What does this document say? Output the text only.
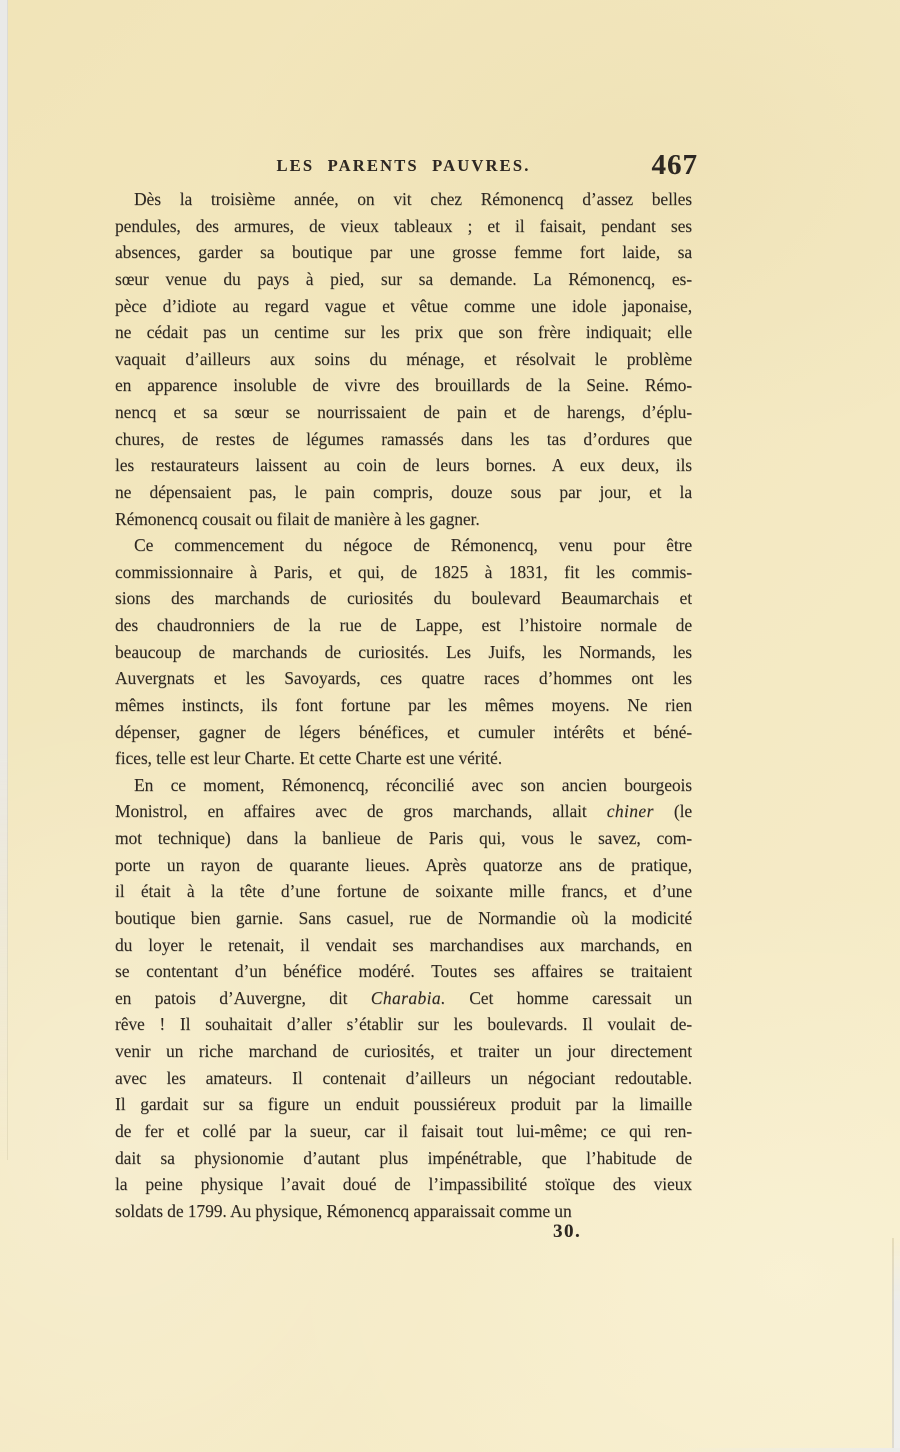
LES PARENTS PAUVRES.	467
Dès la troisième année, on vit chez Rémonencq d’assez belles
pendules, des armures, de vieux tableaux ; et il faisait, pendant ses
absences, garder sa boutique par une grosse femme fort laide, sa
sœur venue du pays à pied, sur sa demande. La Rémonencq, es-
pèce d’idiote au regard vague et vêtue comme une idole japonaise,
ne cédait pas un centime sur les prix que son frère indiquait; elle
vaquait d’ailleurs aux soins du ménage, et résolvait le problème
en apparence insoluble de vivre des brouillards de la Seine. Rémo-
nencq et sa sœur se nourrissaient de pain et de harengs, d’éplu-
chures, de restes de légumes ramassés dans les tas d’ordures que
les restaurateurs laissent au coin de leurs bornes. A eux deux, ils
ne dépensaient pas, le pain compris, douze sous par jour, et la
Rémonencq cousait ou filait de manière à les gagner.
Ce commencement du négoce de Rémonencq, venu pour être
commissionnaire à Paris, et qui, de 1825 à 1831, fit les commis-
sions des marchands de curiosités du boulevard Beaumarchais et
des chaudronniers de la rue de Lappe, est l’histoire normale de
beaucoup de marchands de curiosités. Les Juifs, les Normands, les
Auvergnats et les Savoyards, ces quatre races d’hommes ont les
mêmes instincts, ils font fortune par les mêmes moyens. Ne rien
dépenser, gagner de légers bénéfices, et cumuler intérêts et béné-
fices, telle est leur Charte. Et cette Charte est une vérité.
En ce moment, Rémonencq, réconcilié avec son ancien bourgeois
Monistrol, en affaires avec de gros marchands, allait chiner (le
mot technique) dans la banlieue de Paris qui, vous le savez, com-
porte un rayon de quarante lieues. Après quatorze ans de pratique,
il était à la tête d’une fortune de soixante mille francs, et d’une
boutique bien garnie. Sans casuel, rue de Normandie où la modicité
du loyer le retenait, il vendait ses marchandises aux marchands, en
se contentant d’un bénéfice modéré. Toutes ses affaires se traitaient
en patois d’Auvergne, dit Charabia. Cet homme caressait un
rêve ! Il souhaitait d’aller s’établir sur les boulevards. Il voulait de-
venir un riche marchand de curiosités, et traiter un jour directement
avec les amateurs. Il contenait d’ailleurs un négociant redoutable.
Il gardait sur sa figure un enduit poussiéreux produit par la limaille
de fer et collé par la sueur, car il faisait tout lui-même; ce qui ren-
dait sa physionomie d’autant plus impénétrable, que l’habitude de
la peine physique l’avait doué de l’impassibilité stoïque des vieux
soldats de 1799. Au physique, Rémonencq apparaissait comme un
30.
